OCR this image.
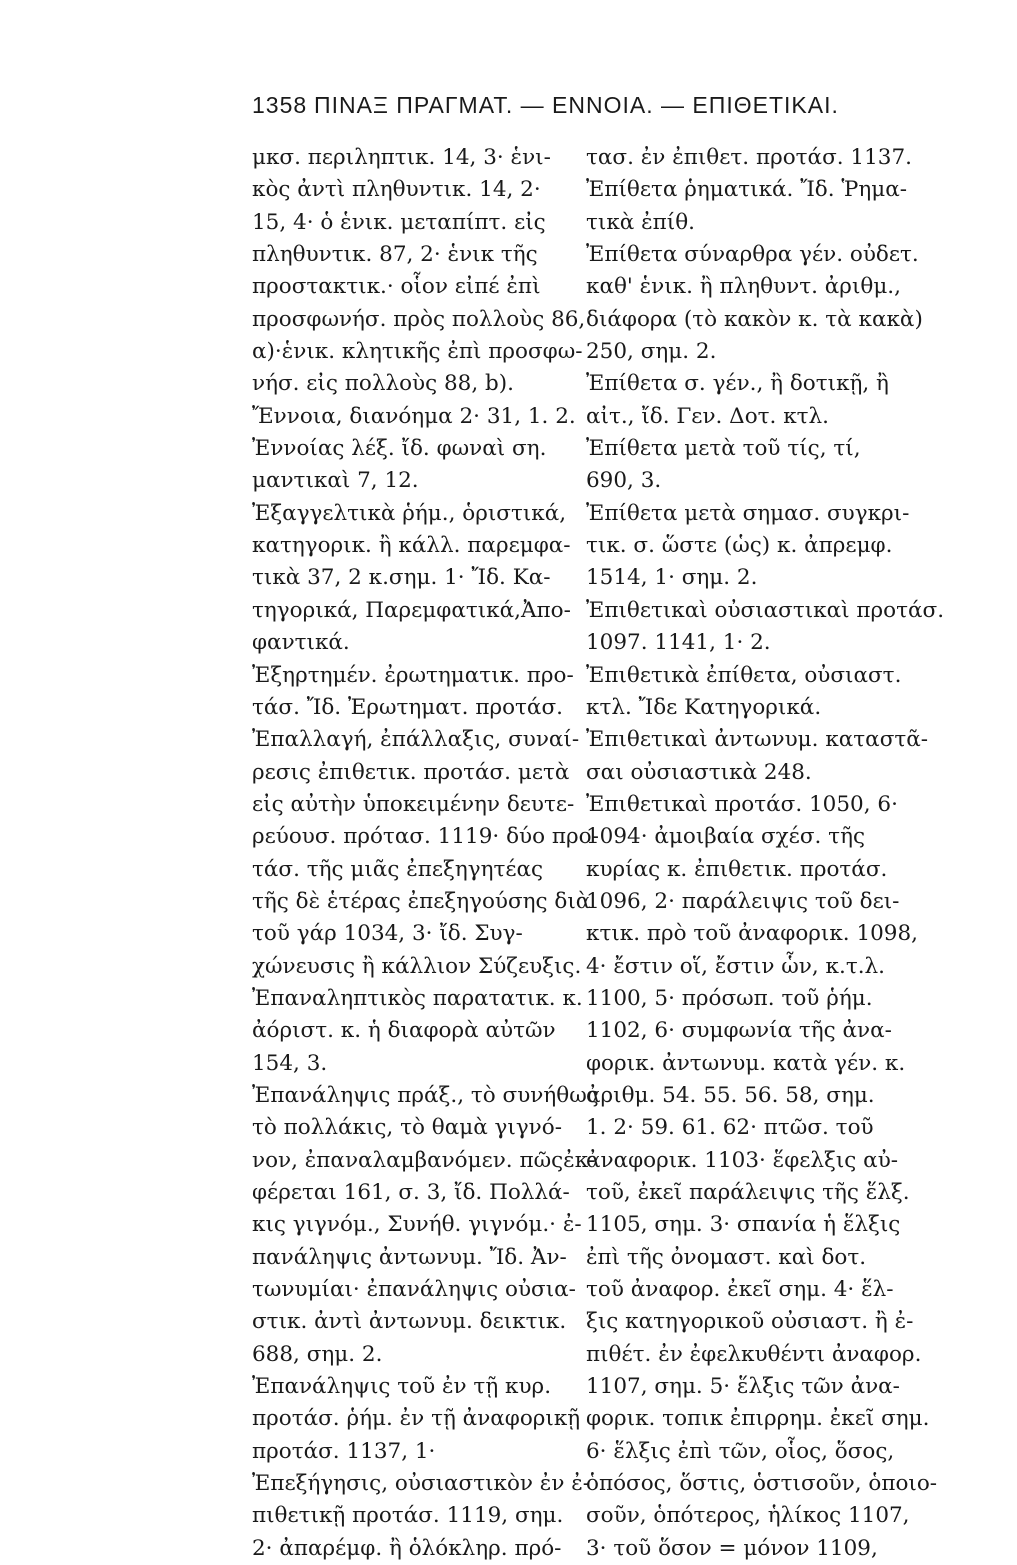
1358 ΠΙΝΑΞ ΠΡΑΓΜΑΤ. — ΕΝΝΟΙΑ. — ΕΠΙΘΕΤΙΚΑΙ.
μκσ. περιληπτικ. 14, 3· ἑνι-
κὸς ἀντὶ πληθυντικ. 14, 2·
15, 4· ὁ ἑνικ. μεταπίπτ. εἰς
πληθυντικ. 87, 2· ἑνικ τῆς
προστακτικ.· οἷον εἰπέ ἐπὶ
προσφωνήσ. πρὸς πολλοὺς 86,
α)·ἑνικ. κλητικῆς ἐπὶ προσφω-
νήσ. εἰς πολλοὺς 88, b).
Ἔννοια, διανόημα 2· 31, 1. 2.
Ἐννοίας λέξ. ἴδ. φωναὶ ση.
μαντικαὶ 7, 12.
Ἐξαγγελτικὰ ῥήμ., ὁριστικά,
κατηγορικ. ἢ κάλλ. παρεμφα-
τικὰ 37, 2 κ.σημ. 1· Ἴδ. Κα-
τηγορικά, Παρεμφατικά,Ἀπο-
φαντικά.
Ἐξηρτημέν. ἐρωτηματικ. προ-
τάσ. Ἴδ. Ἐρωτηματ. προτάσ.
Ἐπαλλαγή, ἐπάλλαξις, συναί-
ρεσις ἐπιθετικ. προτάσ. μετὰ
εἰς αὐτὴν ὑποκειμένην δευτε-
ρεύουσ. πρότασ. 1119· δύο προ-
τάσ. τῆς μιᾶς ἐπεξηγητέας
τῆς δὲ ἑτέρας ἐπεξηγούσης διὰ
τοῦ γάρ 1034, 3· ἴδ. Συγ-
χώνευσις ἢ κάλλιον Σύζευξις.
Ἐπαναληπτικὸς παρατατικ. κ.
ἀόριστ. κ. ἡ διαφορὰ αὐτῶν
154, 3.
Ἐπανάληψις πράξ., τὸ συνήθως
τὸ πολλάκις, τὸ θαμὰ γιγνό-
νον, ἐπαναλαμβανόμεν. πῶςἐκ-
φέρεται 161, σ. 3, ἴδ. Πολλά-
κις γιγνόμ., Συνήθ. γιγνόμ.· ἐ-
πανάληψις ἀντωνυμ. Ἴδ. Ἀν-
τωνυμίαι· ἐπανάληψις οὐσια-
στικ. ἀντὶ ἀντωνυμ. δεικτικ.
688, σημ. 2.
Ἐπανάληψις τοῦ ἐν τῇ κυρ.
προτάσ. ῥήμ. ἐν τῇ ἀναφορικῇ
προτάσ. 1137, 1·
Ἐπεξήγησις, οὐσιαστικὸν ἐν ἐ-
πιθετικῇ προτάσ. 1119, σημ.
2· ἀπαρέμφ. ἢ ὁλόκληρ. πρό-
τασ. ἐν ἐπιθετ. προτάσ. 1137.
Ἐπίθετα ῥηματικά. Ἴδ. Ῥημα-
τικὰ ἐπίθ.
Ἐπίθετα σύναρθρα γέν. οὐδετ.
καθ' ἑνικ. ἢ πληθυντ. ἀριθμ.,
διάφορα (τὸ κακὸν κ. τὰ κακὰ)
250, σημ. 2.
Ἐπίθετα σ. γέν., ἢ δοτικῇ, ἢ
αἰτ., ἴδ. Γεν. Δοτ. κτλ.
Ἐπίθετα μετὰ τοῦ τίς, τί,
690, 3.
Ἐπίθετα μετὰ σημασ. συγκρι-
τικ. σ. ὥστε (ὡς) κ. ἀπρεμφ.
1514, 1· σημ. 2.
Ἐπιθετικαὶ οὐσιαστικαὶ προτάσ.
1097. 1141, 1· 2.
Ἐπιθετικὰ ἐπίθετα, οὐσιαστ.
κτλ. Ἴδε Κατηγορικά.
Ἐπιθετικαὶ ἀντωνυμ. καταστᾶ-
σαι οὐσιαστικὰ 248.
Ἐπιθετικαὶ προτάσ. 1050, 6·
1094· ἀμοιβαία σχέσ. τῆς
κυρίας κ. ἐπιθετικ. προτάσ.
1096, 2· παράλειψις τοῦ δει-
κτικ. πρὸ τοῦ ἀναφορικ. 1098,
4· ἔστιν οἵ, ἔστιν ὧν, κ.τ.λ.
1100, 5· πρόσωπ. τοῦ ῥήμ.
1102, 6· συμφωνία τῆς ἀνα-
φορικ. ἀντωνυμ. κατὰ γέν. κ.
ἀριθμ. 54. 55. 56. 58, σημ.
1. 2· 59. 61. 62· πτῶσ. τοῦ
ἀναφορικ. 1103· ἕφελξις αὐ-
τοῦ, ἐκεῖ παράλειψις τῆς ἕλξ.
1105, σημ. 3· σπανία ἡ ἕλξις
ἐπὶ τῆς ὀνομαστ. καὶ δοτ.
τοῦ ἀναφορ. ἐκεῖ σημ. 4· ἕλ-
ξις κατηγορικοῦ οὐσιαστ. ἢ ἐ-
πιθέτ. ἐν ἐφελκυθέντι ἀναφορ.
1107, σημ. 5· ἕλξις τῶν ἀνα-
φορικ. τοπικ ἐπιρρημ. ἐκεῖ σημ.
6· ἕλξις ἐπὶ τῶν, οἷος, ὅσος,
ὁπόσος, ὅστις, ὁστισοῦν, ὁποιο-
σοῦν, ὁπότερος, ἡλίκος 1107,
3· τοῦ ὅσον = μόνον 1109,
